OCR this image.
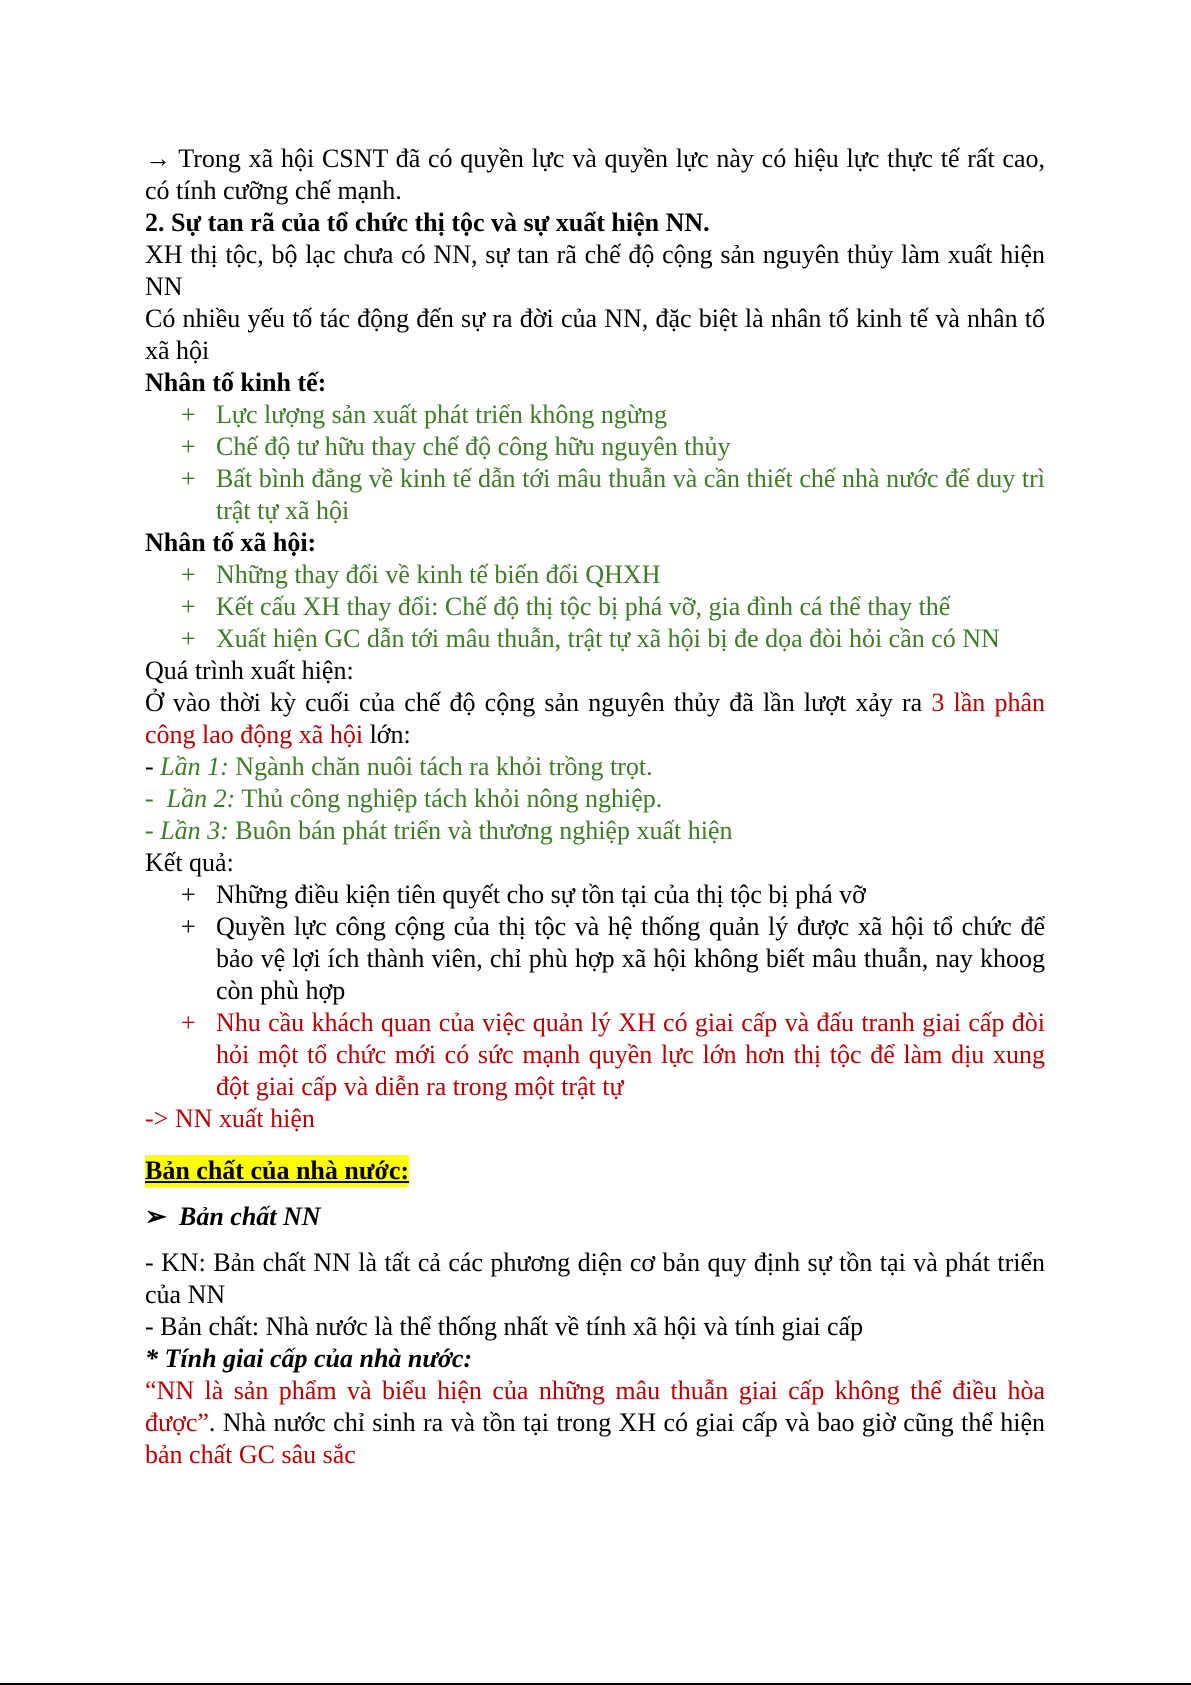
→ Trong xã hội CSNT đã có quyền lực và quyền lực này có hiệu lực thực tế rất cao, có tính cưỡng chế mạnh.

2. Sự tan rã của tổ chức thị tộc và sự xuất hiện NN.

XH thị tộc, bộ lạc chưa có NN, sự tan rã chế độ cộng sản nguyên thủy làm xuất hiện NN

Có nhiều yếu tố tác động đến sự ra đời của NN, đặc biệt là nhân tố kinh tế và nhân tố xã hội

Nhân tố kinh tế:

+ Lực lượng sản xuất phát triển không ngừng
+ Chế độ tư hữu thay chế độ công hữu nguyên thủy
+ Bất bình đẳng về kinh tế dẫn tới mâu thuẫn và cần thiết chế nhà nước để duy trì trật tự xã hội

Nhân tố xã hội:

+ Những thay đổi về kinh tế biến đổi QHXH
+ Kết cấu XH thay đổi: Chế độ thị tộc bị phá vỡ, gia đình cá thể thay thế
+ Xuất hiện GC dẫn tới mâu thuẫn, trật tự xã hội bị đe dọa đòi hỏi cần có NN

Quá trình xuất hiện:

Ở vào thời kỳ cuối của chế độ cộng sản nguyên thủy đã lần lượt xảy ra 3 lần phân công lao động xã hội lớn:

- Lần 1: Ngành chăn nuôi tách ra khỏi trồng trọt.

-  Lần 2: Thủ công nghiệp tách khỏi nông nghiệp.

- Lần 3: Buôn bán phát triển và thương nghiệp xuất hiện

Kết quả:

+ Những điều kiện tiên quyết cho sự tồn tại của thị tộc bị phá vỡ
+ Quyền lực công cộng của thị tộc và hệ thống quản lý được xã hội tổ chức để bảo vệ lợi ích thành viên, chỉ phù hợp xã hội không biết mâu thuẫn, nay khoog còn phù hợp
+ Nhu cầu khách quan của việc quản lý XH có giai cấp và đấu tranh giai cấp đòi hỏi một tổ chức mới có sức mạnh quyền lực lớn hơn thị tộc để làm dịu xung đột giai cấp và diễn ra trong một trật tự

-> NN xuất hiện

Bản chất của nhà nước:

➢ Bản chất NN

- KN: Bản chất NN là tất cả các phương diện cơ bản quy định sự tồn tại và phát triển của NN

- Bản chất: Nhà nước là thể thống nhất về tính xã hội và tính giai cấp

* Tính giai cấp của nhà nước:

“NN là sản phẩm và biểu hiện của những mâu thuẫn giai cấp không thể điều hòa được”. Nhà nước chỉ sinh ra và tồn tại trong XH có giai cấp và bao giờ cũng thể hiện bản chất GC sâu sắc
